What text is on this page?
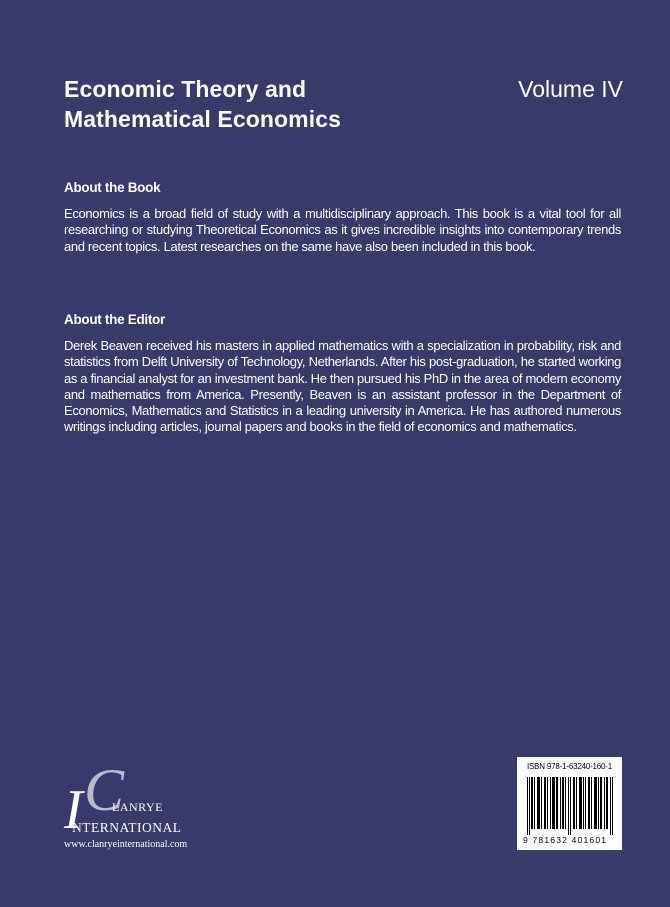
Economic Theory and
Mathematical Economics
Volume IV
About the Book
Economics is a broad field of study with a multidisciplinary approach. This book is a vital tool for all researching or studying Theoretical Economics as it gives incredible insights into contemporary trends and recent topics. Latest researches on the same have also been included in this book.
About the Editor
Derek Beaven received his masters in applied mathematics with a specialization in probability, risk and statistics from Delft University of Technology, Netherlands. After his post-graduation, he started working as a financial analyst for an investment bank. He then pursued his PhD in the area of modern economy and mathematics from America. Presently, Beaven is an assistant professor in the Department of Economics, Mathematics and Statistics in a leading university in America. He has authored numerous writings including articles, journal papers and books in the field of economics and mathematics.
C
I LANRYE
NTERNATIONAL
www.clanryeinternational.com
ISBN 978-1-63240-160-1
9 781632 401601
